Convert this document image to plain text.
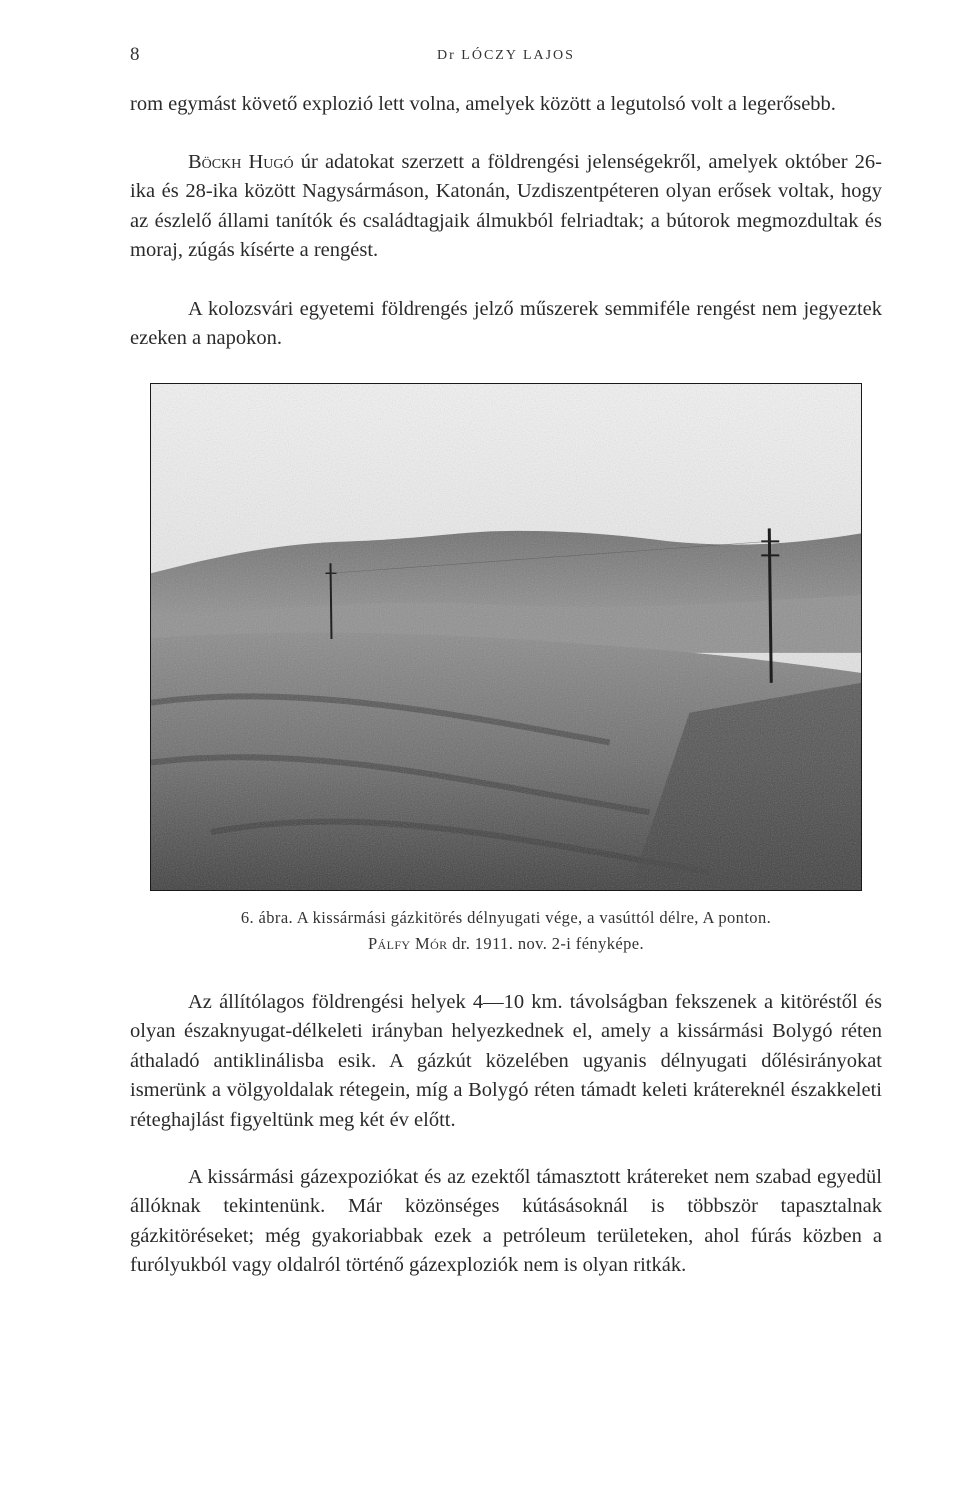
8	Dr LÓCZY LAJOS

rom egymást követő explozió lett volna, amelyek között a legutolsó volt a legerősebb.

Böckh Hugó úr adatokat szerzett a földrengési jelenségekről, amelyek október 26-ika és 28-ika között Nagysármáson, Katonán, Uzdiszentpéteren olyan erősek voltak, hogy az észlelő állami tanítók és családtagjaik álmukból felriadtak; a bútorok megmozdultak és moraj, zúgás kísérte a rengést.

A kolozsvári egyetemi földrengés jelző műszerek semmiféle rengést nem jegyeztek ezeken a napokon.

6. ábra. A kissármási gázkitörés délnyugati vége, a vasúttól délre, A ponton.
Pálfy Mór dr. 1911. nov. 2-i fényképe.

Az állítólagos földrengési helyek 4—10 km. távolságban fekszenek a kitöréstől és olyan északnyugat-délkeleti irányban helyezkednek el, amely a kissármási Bolygó réten áthaladó antiklinálisba esik. A gázkút közelében ugyanis délnyugati dőlésirányokat ismerünk a völgyoldalak rétegein, míg a Bolygó réten támadt keleti krátereknél északkeleti réteghajlást figyeltünk meg két év előtt.

A kissármási gázexpoziókat és az ezektől támasztott krátereket nem szabad egyedül állóknak tekintenünk. Már közönséges kútásásoknál is többször tapasztalnak gázkitöréseket; még gyakoriabbak ezek a petróleum területeken, ahol fúrás közben a furólyukból vagy oldalról történő gázexploziók nem is olyan ritkák.
